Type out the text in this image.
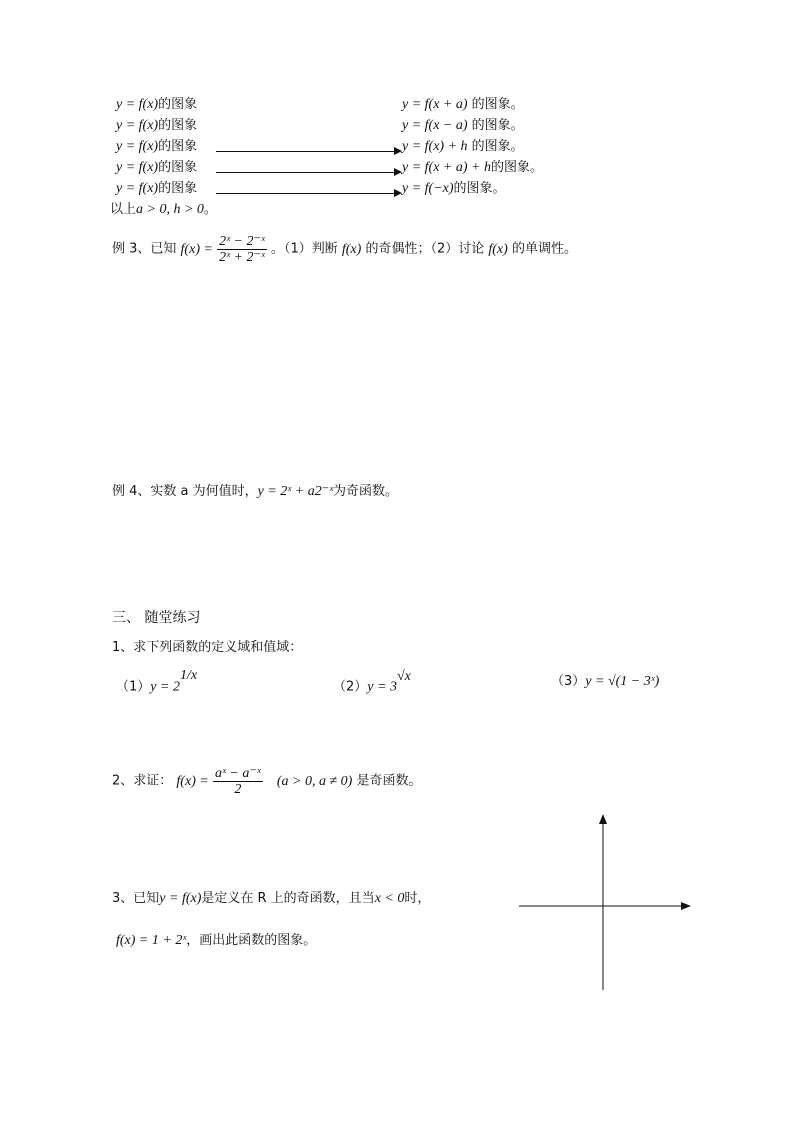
y = f(x)的图象	y = f(x + a) 的图象。
y = f(x)的图象	y = f(x − a) 的图象。
y = f(x)的图象	y = f(x) + h 的图象。
y = f(x)的图象	y = f(x + a) + h的图象。
y = f(x)的图象	y = f(−x)的图象。
以上a > 0, h > 0。
例 3、已知 $f(x) = \frac{\text{2ˣ − 2⁻ˣ}}{\text{2ˣ + 2⁻ˣ}}$ 。（1）判断 f(x) 的奇偶性；（2）讨论 f(x) 的单调性。
例 4、实数 a 为何值时，y = 2ˣ + a2⁻ˣ为奇函数。
三、 随堂练习
1、求下列函数的定义域和值域：
$(1)y = 2^{1/x}$
$(2)y = 3^{√x}$	（3）y = √(1 − 3ˣ)
2、求证： $f(x) = \frac{\text{aˣ − a⁻ˣ}}{2} (a > 0$, a ≠ 0) 是奇函数。
3、已知y = f(x)是定义在 R 上的奇函数，且当x < 0时，
f(x) = 1 + 2ˣ，画出此函数的图象。
